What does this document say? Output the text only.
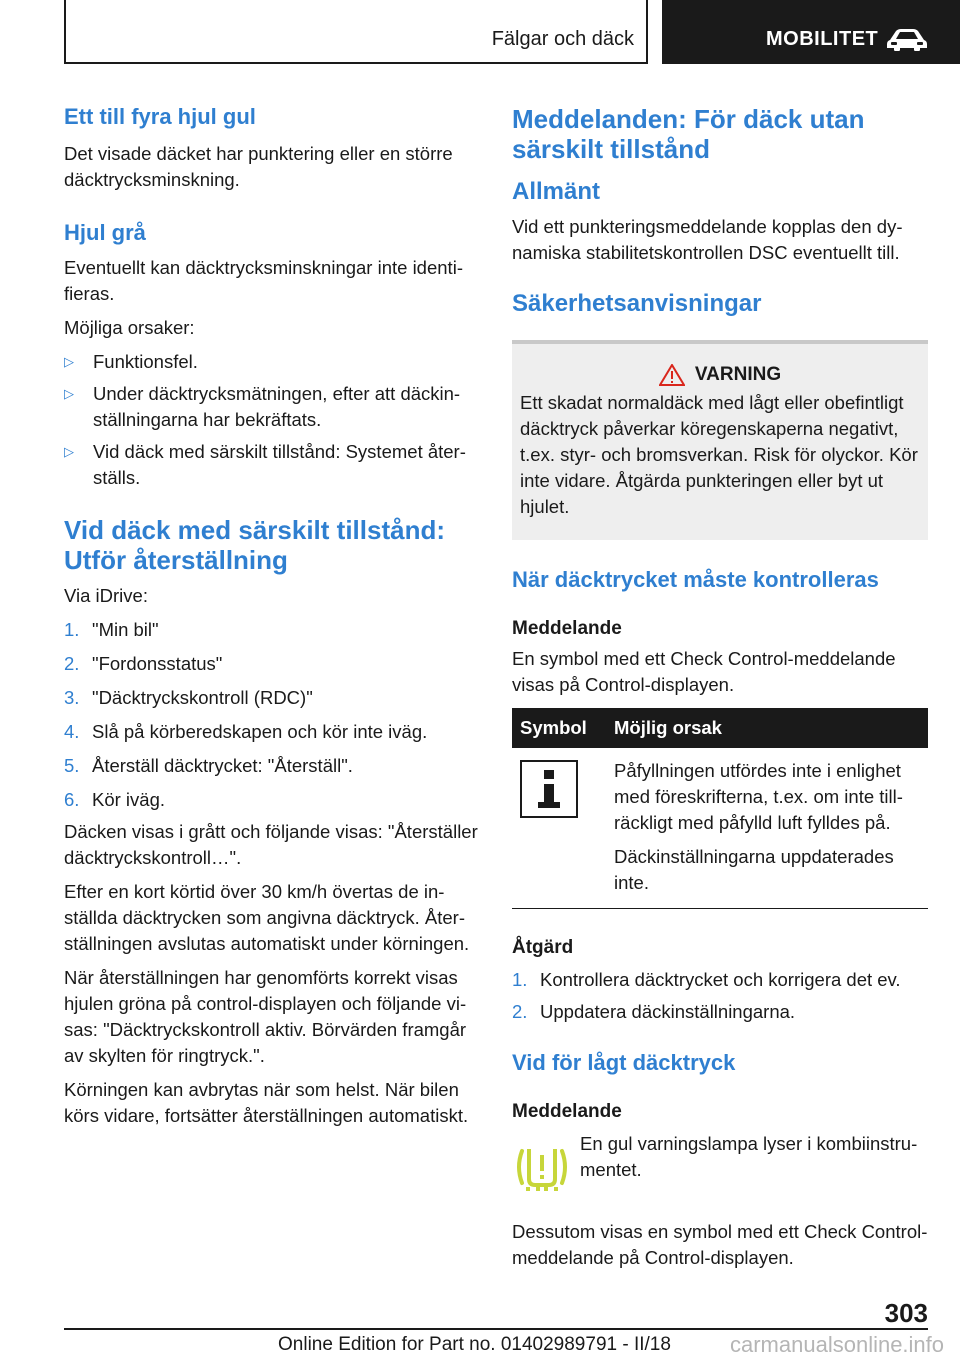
Fälgar och däck	MOBILITET
Ett till fyra hjul gul

Det visade däcket har punktering eller en större däcktrycksminskning.

Hjul grå

Eventuellt kan däcktrycksminskningar inte identifieras.

Möjliga orsaker:

▷ Funktionsfel.
▷ Under däcktrycksmätningen, efter att däckinställningarna har bekräftats.
▷ Vid däck med särskilt tillstånd: Systemet återställs.
Vid däck med särskilt tillstånd: Utför återställning

Via iDrive:

1. "Min bil"
2. "Fordonsstatus"
3. "Däcktryckskontroll (RDC)"
4. Slå på körberedskapen och kör inte iväg.
5. Återställ däcktrycket: "Återställ".
6. Kör iväg.

Däcken visas i grått och följande visas: "Återställer däcktryckskontroll…".

Efter en kort körtid över 30 km/h övertas de inställda däcktrycken som angivna däcktryck. Återställningen avslutas automatiskt under körningen.

När återställningen har genomförts korrekt visas hjulen gröna på control-displayen och följande visas: "Däcktryckskontroll aktiv. Börvärden framgår av skylten för ringtryck.".

Körningen kan avbrytas när som helst. När bilen körs vidare, fortsätter återställningen automatiskt.

Meddelanden: För däck utan särskilt tillstånd
Allmänt

Vid ett punkteringsmeddelande kopplas den dynamiska stabilitetskontrollen DSC eventuellt till.

Säkerhetsanvisningar
VARNING

Ett skadat normaldäck med lågt eller obefintligt däcktryck påverkar köregenskaperna negativt, t.ex. styr- och bromsverkan. Risk för olyckor. Kör inte vidare. Åtgärda punkteringen eller byt ut hjulet.

När däcktrycket måste kontrolleras

Meddelande

En symbol med ett Check Control-meddelande visas på Control-displayen.

Symbol	Möjlig orsak

Påfyllningen utfördes inte i enlighet med föreskrifterna, t.ex. om inte tillräckligt med påfylld luft fylldes på.
Däckinställningarna uppdaterades inte.

Åtgärd

1. Kontrollera däcktrycket och korrigera det ev.
2. Uppdatera däckinställningarna.
Vid för lågt däcktryck

Meddelande

En gul varningslampa lyser i kombiinstrumentet.

Dessutom visas en symbol med ett Check Control-meddelande på Control-displayen.

303
Online Edition for Part no. 01402989791 - II/18	carmanualsonline.info
